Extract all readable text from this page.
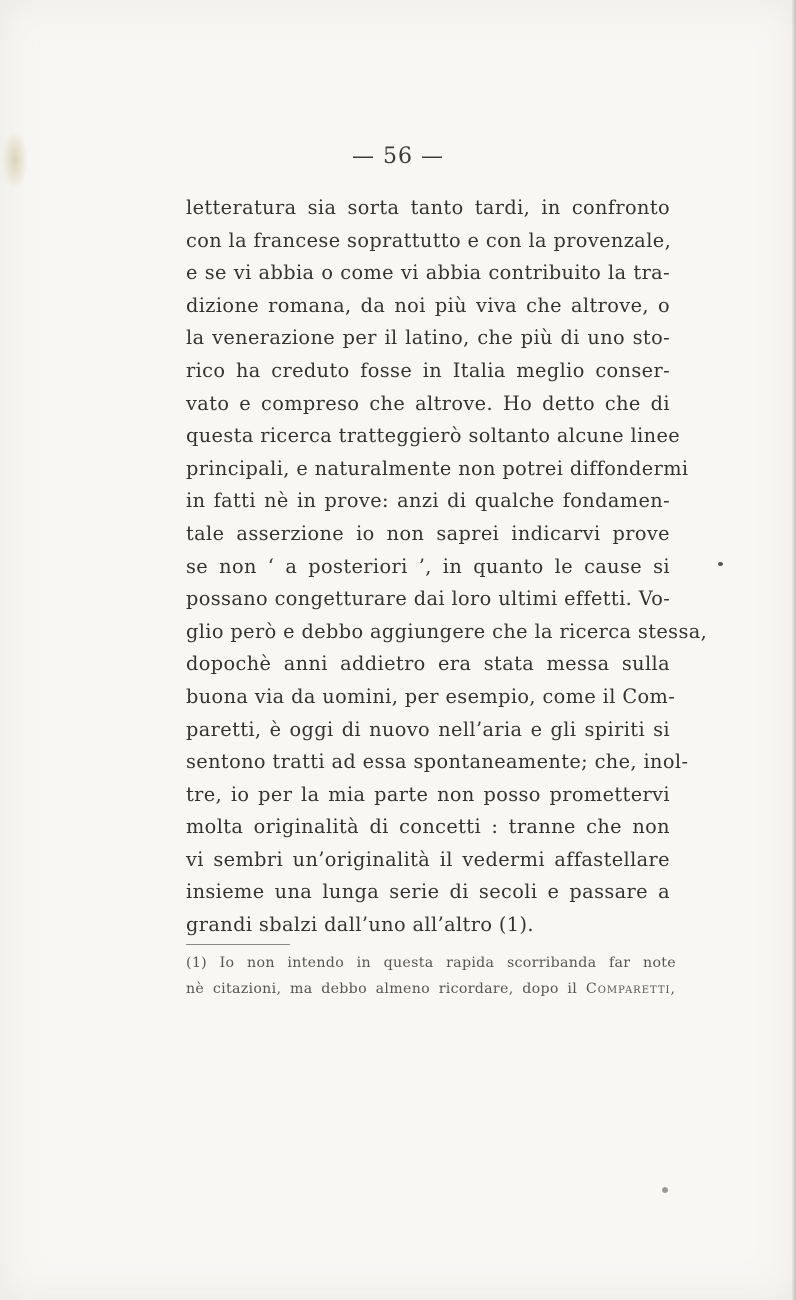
— 56 —
letteratura sia sorta tanto tardi, in confronto
con la francese soprattutto e con la provenzale,
e se vi abbia o come vi abbia contribuito la tra-
dizione romana, da noi più viva che altrove, o
la venerazione per il latino, che più di uno sto-
rico ha creduto fosse in Italia meglio conser-
vato e compreso che altrove. Ho detto che di
questa ricerca tratteggierò soltanto alcune linee
principali, e naturalmente non potrei diffondermi
in fatti nè in prove: anzi di qualche fondamen-
tale asserzione io non saprei indicarvi prove
se non ‘ a posteriori ’, in quanto le cause si
possano congetturare dai loro ultimi effetti. Vo-
glio però e debbo aggiungere che la ricerca stessa,
dopochè anni addietro era stata messa sulla
buona via da uomini, per esempio, come il Com-
paretti, è oggi di nuovo nell’aria e gli spiriti si
sentono tratti ad essa spontaneamente; che, inol-
tre, io per la mia parte non posso promettervi
molta originalità di concetti : tranne che non
vi sembri un’originalità il vedermi affastellare
insieme una lunga serie di secoli e passare a
grandi sbalzi dall’uno all’altro (1).
(1) Io non intendo in questa rapida scorribanda far note
nè citazioni, ma debbo almeno ricordare, dopo il Comparetti,
